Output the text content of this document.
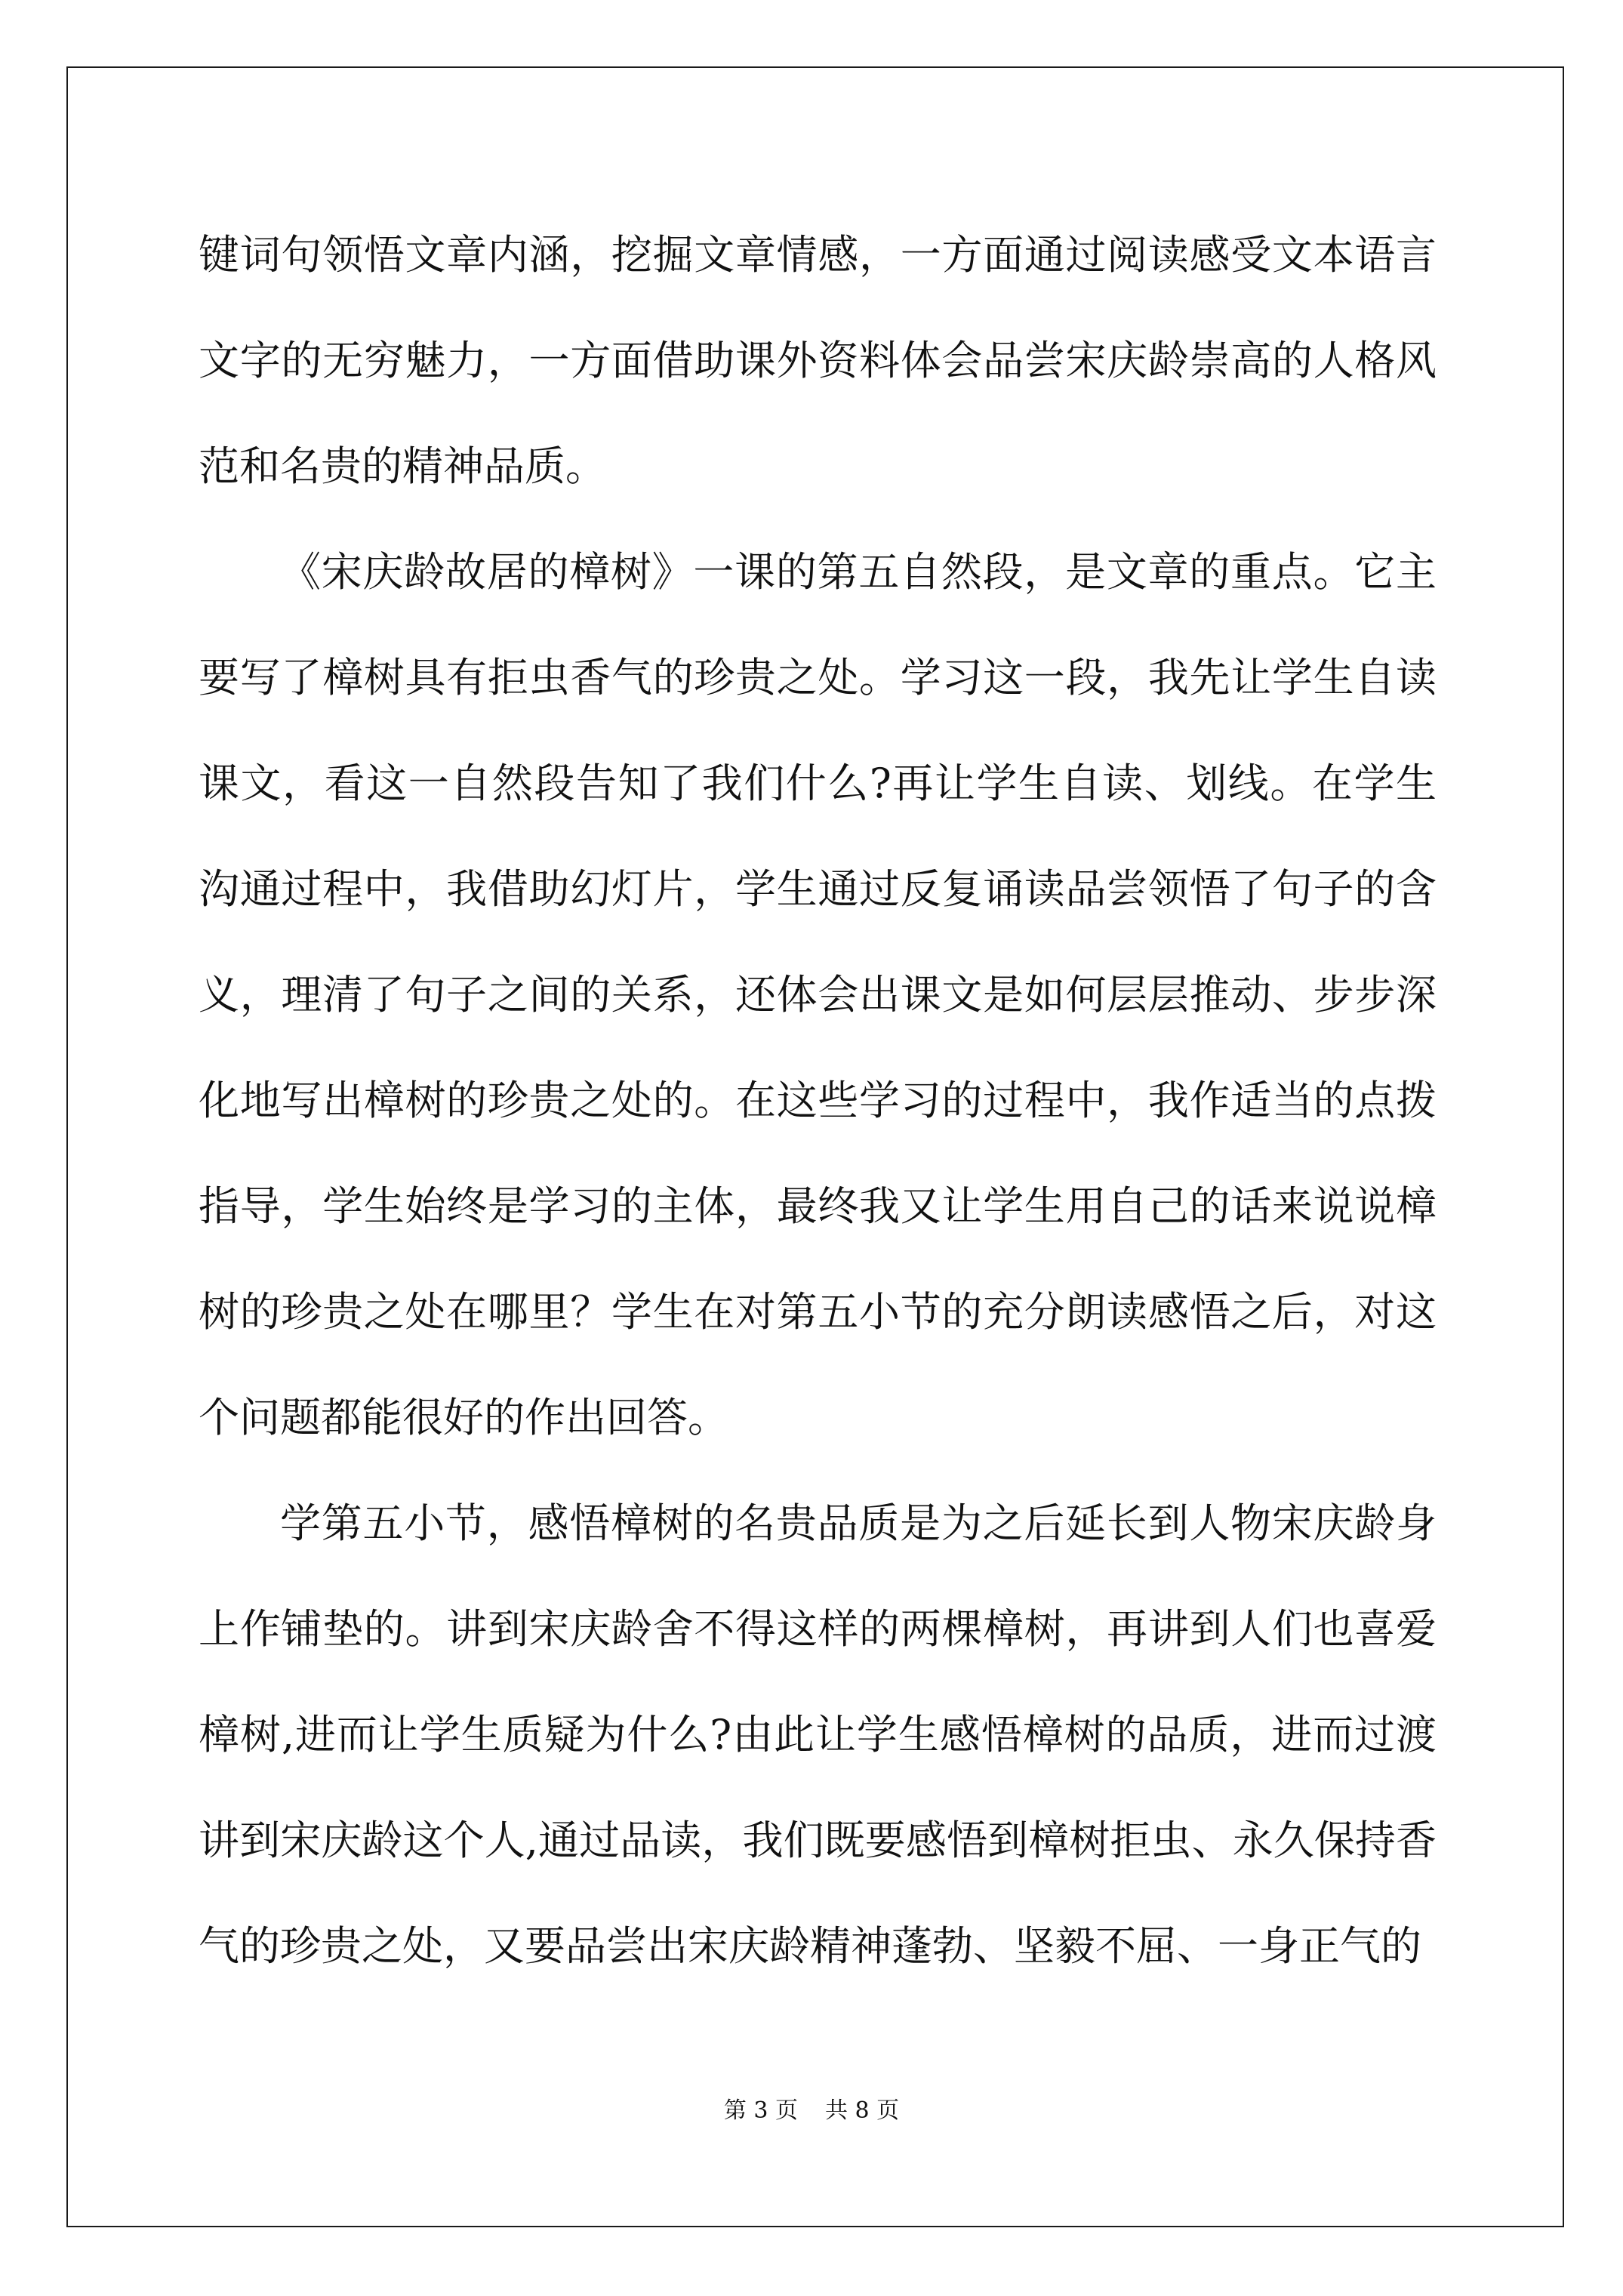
键词句领悟文章内涵，挖掘文章情感，一方面通过阅读感受文本语言文字的无穷魅力，一方面借助课外资料体会品尝宋庆龄崇高的人格风范和名贵的精神品质。

《宋庆龄故居的樟树》一课的第五自然段，是文章的重点。它主要写了樟树具有拒虫香气的珍贵之处。学习这一段，我先让学生自读课文，看这一自然段告知了我们什么?再让学生自读、划线。在学生沟通过程中，我借助幻灯片，学生通过反复诵读品尝领悟了句子的含义，理清了句子之间的关系，还体会出课文是如何层层推动、步步深化地写出樟树的珍贵之处的。在这些学习的过程中，我作适当的点拨指导，学生始终是学习的主体，最终我又让学生用自己的话来说说樟树的珍贵之处在哪里？学生在对第五小节的充分朗读感悟之后，对这个问题都能很好的作出回答。

学第五小节，感悟樟树的名贵品质是为之后延长到人物宋庆龄身上作铺垫的。讲到宋庆龄舍不得这样的两棵樟树，再讲到人们也喜爱樟树,进而让学生质疑为什么?由此让学生感悟樟树的品质，进而过渡讲到宋庆龄这个人,通过品读，我们既要感悟到樟树拒虫、永久保持香气的珍贵之处，又要品尝出宋庆龄精神蓬勃、坚毅不屈、一身正气的

第 3 页 共 8 页
